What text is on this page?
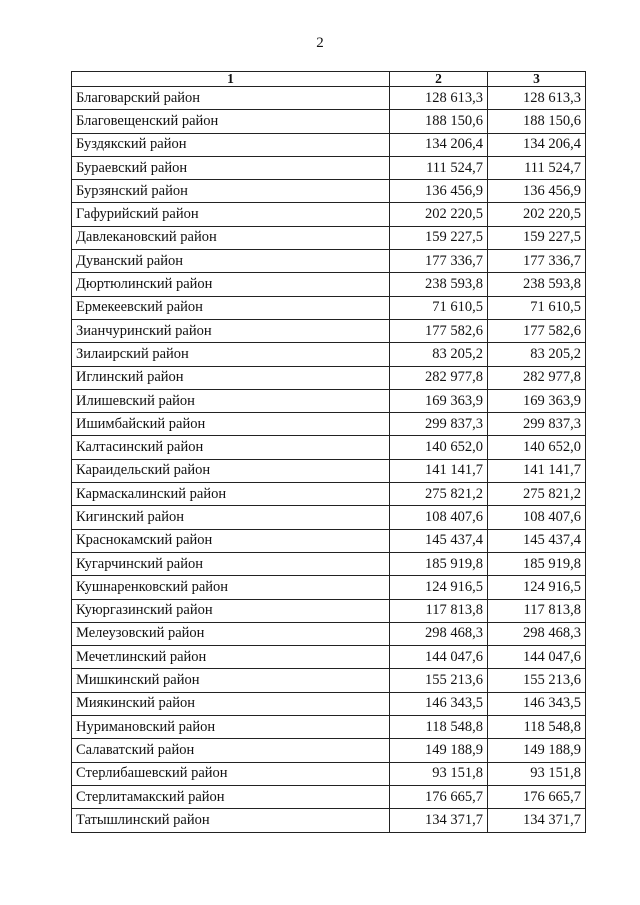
2
1	2	3
Благоварский район	128 613,3	128 613,3
Благовещенский район	188 150,6	188 150,6
Буздякский район	134 206,4	134 206,4
Бураевский район	111 524,7	111 524,7
Бурзянский район	136 456,9	136 456,9
Гафурийский район	202 220,5	202 220,5
Давлекановский район	159 227,5	159 227,5
Дуванский район	177 336,7	177 336,7
Дюртюлинский район	238 593,8	238 593,8
Ермекеевский район	71 610,5	71 610,5
Зианчуринский район	177 582,6	177 582,6
Зилаирский район	83 205,2	83 205,2
Иглинский район	282 977,8	282 977,8
Илишевский район	169 363,9	169 363,9
Ишимбайский район	299 837,3	299 837,3
Калтасинский район	140 652,0	140 652,0
Караидельский район	141 141,7	141 141,7
Кармаскалинский район	275 821,2	275 821,2
Кигинский район	108 407,6	108 407,6
Краснокамский район	145 437,4	145 437,4
Кугарчинский район	185 919,8	185 919,8
Кушнаренковский район	124 916,5	124 916,5
Куюргазинский район	117 813,8	117 813,8
Мелеузовский район	298 468,3	298 468,3
Мечетлинский район	144 047,6	144 047,6
Мишкинский район	155 213,6	155 213,6
Миякинский район	146 343,5	146 343,5
Нуримановский район	118 548,8	118 548,8
Салаватский район	149 188,9	149 188,9
Стерлибашевский район	93 151,8	93 151,8
Стерлитамакский район	176 665,7	176 665,7
Татышлинский район	134 371,7	134 371,7
